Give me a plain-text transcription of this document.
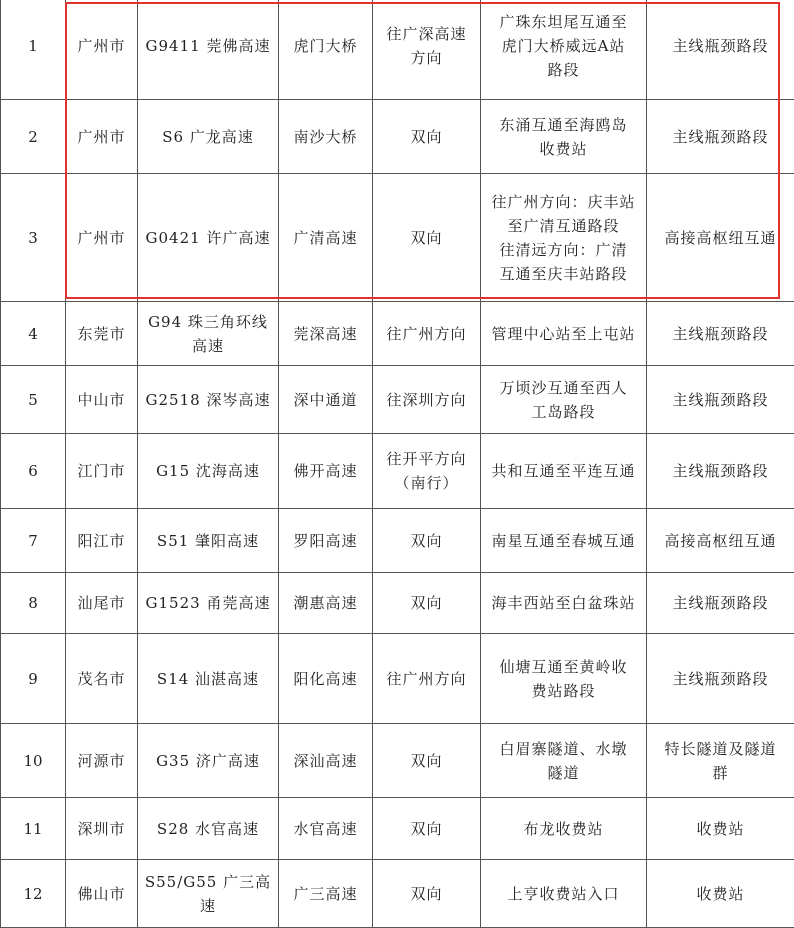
1	广州市	G9411 莞佛高速	虎门大桥	往广深高速
方向	广珠东坦尾互通至
虎门大桥威远A站
路段	主线瓶颈路段
2	广州市	S6 广龙高速	南沙大桥	双向	东涌互通至海鸥岛
收费站	主线瓶颈路段
3	广州市	G0421 许广高速	广清高速	双向	往广州方向：庆丰站
至广清互通路段
往清远方向：广清
互通至庆丰站路段	高接高枢纽互通
4	东莞市	G94 珠三角环线
高速	莞深高速	往广州方向	管理中心站至上屯站	主线瓶颈路段
5	中山市	G2518 深岑高速	深中通道	往深圳方向	万顷沙互通至西人
工岛路段	主线瓶颈路段
6	江门市	G15 沈海高速	佛开高速	往开平方向
（南行）	共和互通至平连互通	主线瓶颈路段
7	阳江市	S51 肇阳高速	罗阳高速	双向	南星互通至春城互通	高接高枢纽互通
8	汕尾市	G1523 甬莞高速	潮惠高速	双向	海丰西站至白盆珠站	主线瓶颈路段
9	茂名市	S14 汕湛高速	阳化高速	往广州方向	仙塘互通至黄岭收
费站路段	主线瓶颈路段
10	河源市	G35 济广高速	深汕高速	双向	白眉寨隧道、水墩
隧道	特长隧道及隧道
群
11	深圳市	S28 水官高速	水官高速	双向	布龙收费站	收费站
12	佛山市	S55/G55 广三高速	广三高速	双向	上亨收费站入口	收费站
